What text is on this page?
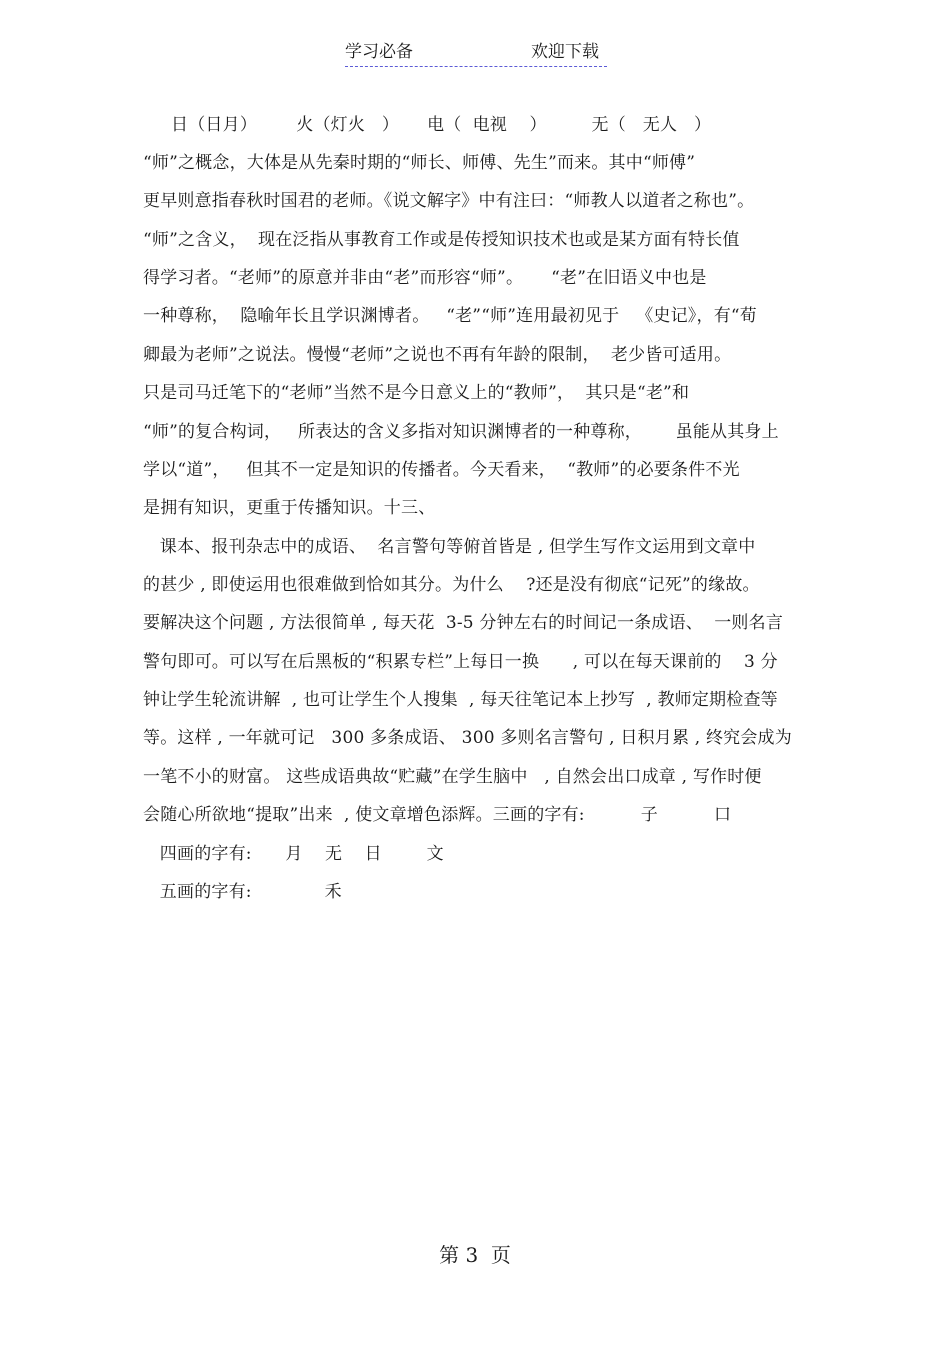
学习必备	欢迎下载
日（日月）       火（灯火   ）     电（  电视    ）        无（   无人   ）
“师”之概念，大体是从先秦时期的“师长、师傅、先生”而来。其中“师傅”
更早则意指春秋时国君的老师。《说文解字》中有注曰：“师教人以道者之称也”。
“师”之含义，  现在泛指从事教育工作或是传授知识技术也或是某方面有特长值
得学习者。“老师”的原意并非由“老”而形容“师”。     “老”在旧语义中也是
一种尊称，  隐喻年长且学识渊博者。   “老”“师”连用最初见于   《史记》，有“荀
卿最为老师”之说法。慢慢“老师”之说也不再有年龄的限制，  老少皆可适用。
只是司马迁笔下的“老师”当然不是今日意义上的“教师”，  其只是“老”和
“师”的复合构词，   所表达的含义多指对知识渊博者的一种尊称，      虽能从其身上
学以“道”，   但其不一定是知识的传播者。今天看来，  “教师”的必要条件不光
是拥有知识，更重于传播知识。十三、
课本、报刊杂志中的成语、  名言警句等俯首皆是 , 但学生写作文运用到文章中
的甚少 , 即使运用也很难做到恰如其分。为什么    ?还是没有彻底“记死”的缘故。
要解决这个问题 , 方法很简单 , 每天花  3-5 分钟左右的时间记一条成语、  一则名言
警句即可。可以写在后黑板的“积累专栏”上每日一换      , 可以在每天课前的    3 分
钟让学生轮流讲解  , 也可让学生个人搜集  , 每天往笔记本上抄写  , 教师定期检查等
等。这样 , 一年就可记   300 多条成语、 300 多则名言警句 , 日积月累 , 终究会成为
一笔不小的财富。 这些成语典故“贮藏”在学生脑中   , 自然会出口成章 , 写作时便
会随心所欲地“提取”出来  , 使文章增色添辉。三画的字有:          子          口
四画的字有:      月    无    日        文
五画的字有:             禾
第 3  页
